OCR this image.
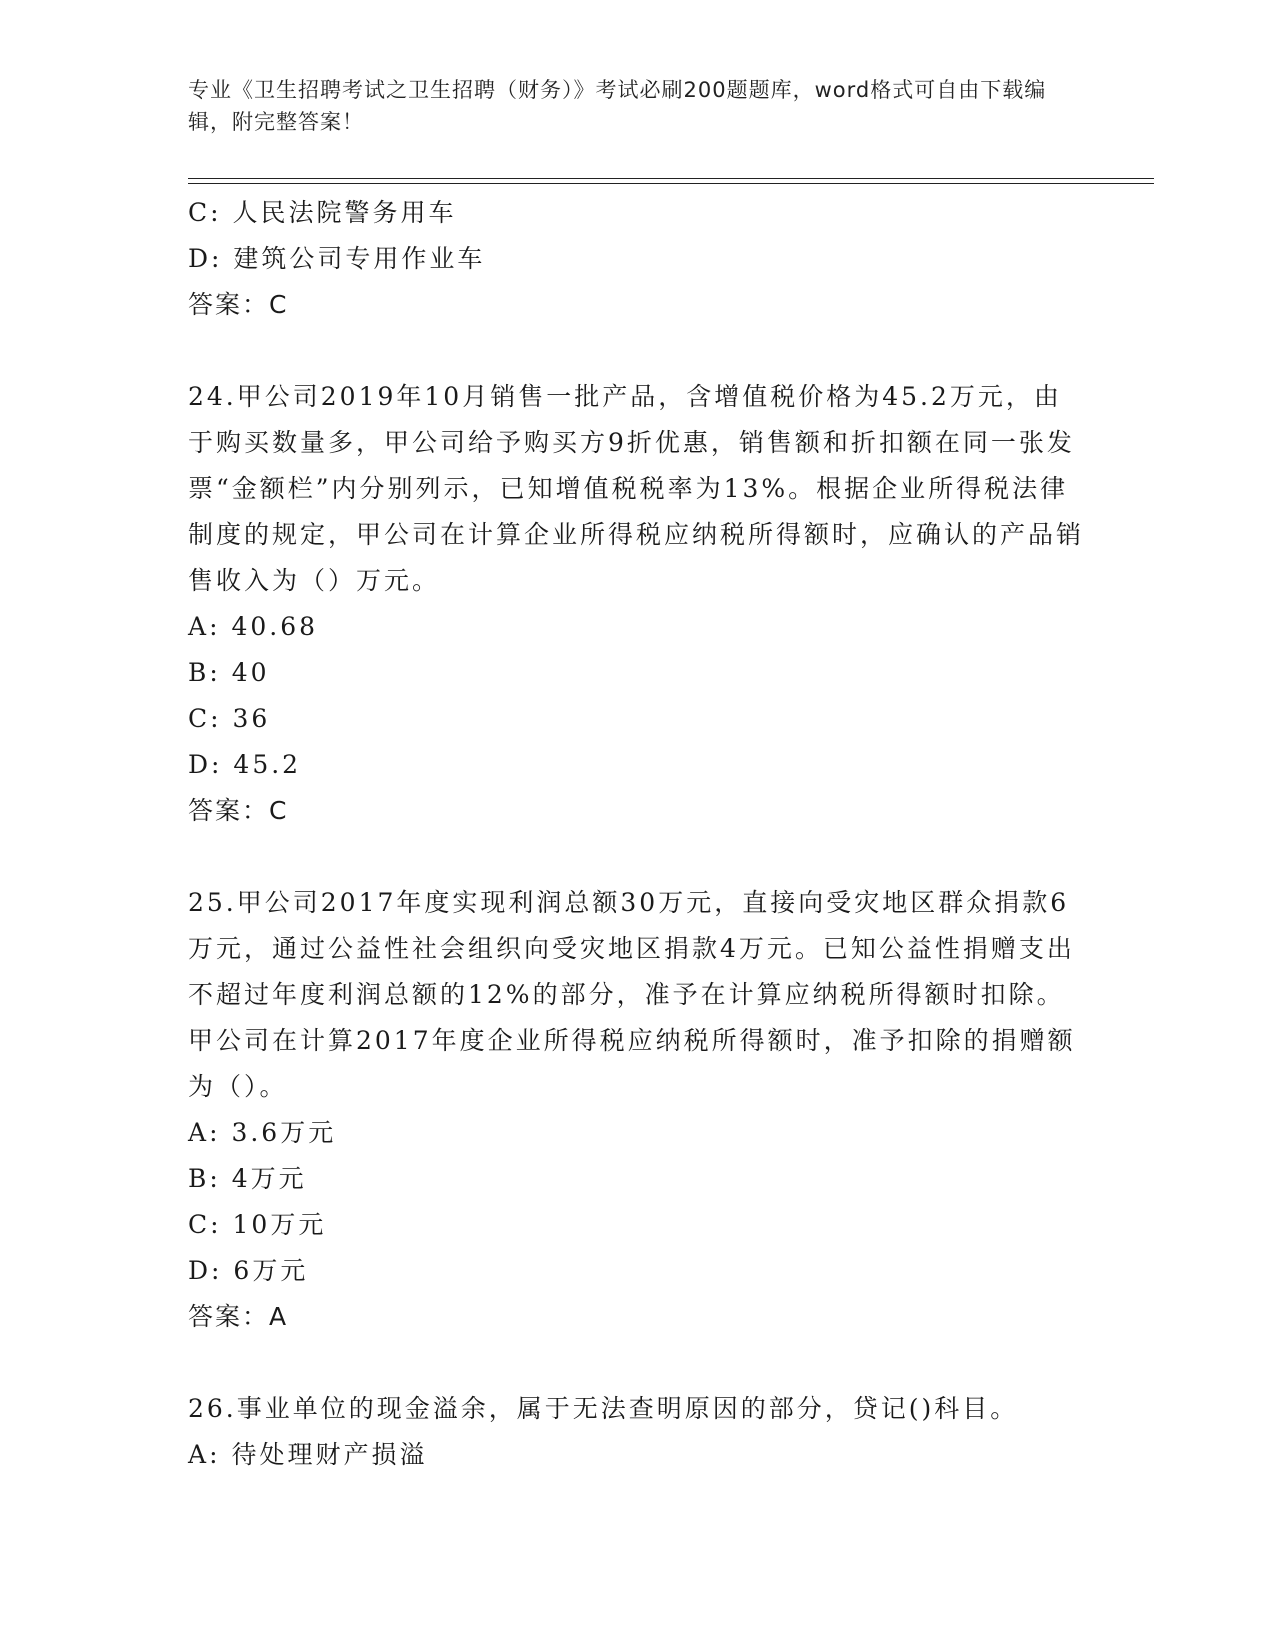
专业《卫生招聘考试之卫生招聘（财务）》考试必刷200题题库，word格式可自由下载编辑，附完整答案！

C: 人民法院警务用车

D: 建筑公司专用作业车

答案：C

24.甲公司2019年10月销售一批产品，含增值税价格为45.2万元，由于购买数量多，甲公司给予购买方9折优惠，销售额和折扣额在同一张发票“金额栏”内分别列示，已知增值税税率为13%。根据企业所得税法律制度的规定，甲公司在计算企业所得税应纳税所得额时，应确认的产品销售收入为（）万元。

A: 40.68

B: 40

C: 36

D: 45.2

答案：C

25.甲公司2017年度实现利润总额30万元，直接向受灾地区群众捐款6万元，通过公益性社会组织向受灾地区捐款4万元。已知公益性捐赠支出不超过年度利润总额的12%的部分，准予在计算应纳税所得额时扣除。甲公司在计算2017年度企业所得税应纳税所得额时，准予扣除的捐赠额为（）。

A: 3.6万元

B: 4万元

C: 10万元

D: 6万元

答案：A

26.事业单位的现金溢余，属于无法查明原因的部分，贷记()科目。

A: 待处理财产损溢
